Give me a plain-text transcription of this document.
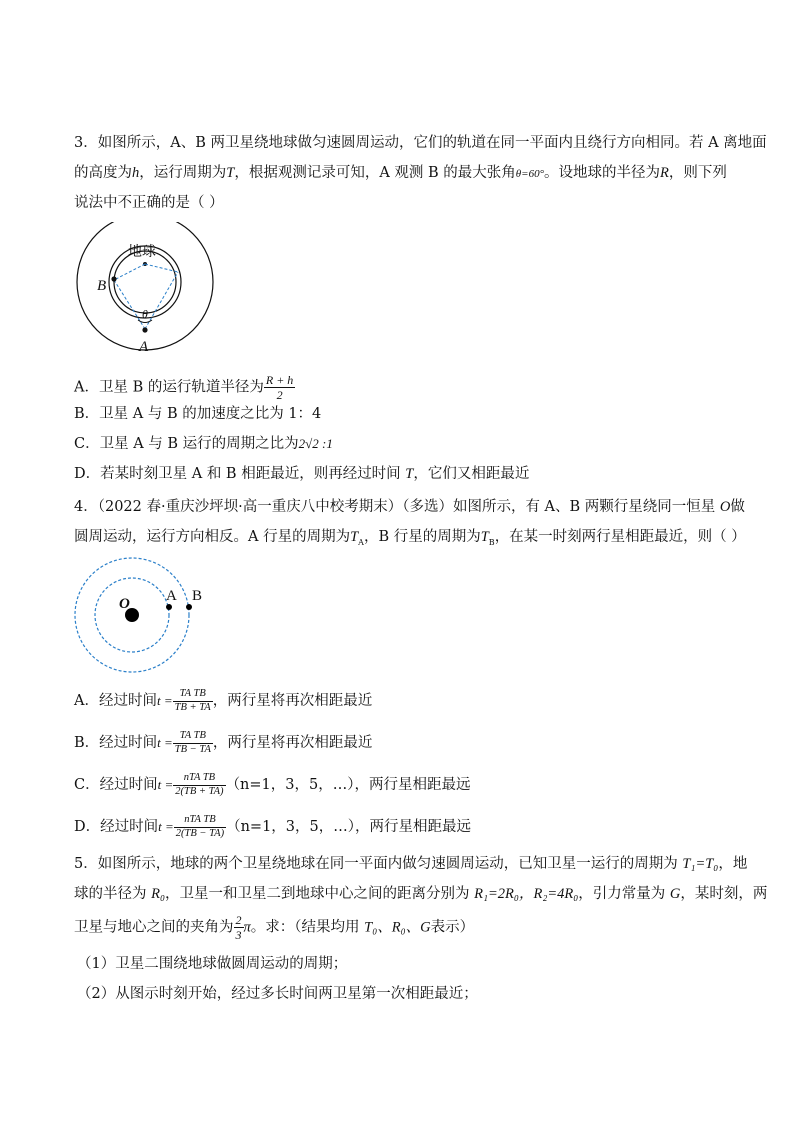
3．如图所示，A、B 两卫星绕地球做匀速圆周运动，它们的轨道在同一平面内且绕行方向相同。若 A 离地面
的高度为h，运行周期为T，根据观测记录可知，A 观测 B 的最大张角θ=60°。设地球的半径为R，则下列
说法中不正确的是（ ）
地球
B
A
θ
A．卫星 B 的运行轨道半径为 $\frac{R + h}{2}$
B．卫星 A 与 B 的加速度之比为 1：4
C．卫星 A 与 B 运行的周期之比为2√2 :1
D．若某时刻卫星 A 和 B 相距最近，则再经过时间 T，它们又相距最近
4．（2022 春·重庆沙坪坝·高一重庆八中校考期末）（多选）如图所示，有 A、B 两颗行星绕同一恒星 O做
圆周运动，运行方向相反。A 行星的周期为$T_A$，B 行星的周期为$T_B$，在某一时刻两行星相距最近，则（ ）
O A B
A．经过时间$t = \frac{\text{TA TB}}{TB + TA}$ ，两行星将再次相距最近
B．经过时间$t = \frac{\text{TA TB}}{TB - TA}$ ，两行星将再次相距最近
C．经过时间$t = \frac{\text{nTA TB}}{2(TB + TA)} (n=1$，3，5，…），两行星相距最远
D．经过时间$t = \frac{\text{nTA TB}}{2(TB - TA)} (n=1$，3，5，…），两行星相距最远
5．如图所示，地球的两个卫星绕地球在同一平面内做匀速圆周运动，已知卫星一运行的周期为 T₁=T₀，地
球的半径为 R₀，卫星一和卫星二到地球中心之间的距离分别为 R₁=2R₀，R₂=4R₀，引力常量为 G，某时刻，两
卫星与地心之间的夹角为 $\frac{2}{3}$ π。求：（结果均用 T₀、R₀、G表示）
（1）卫星二围绕地球做圆周运动的周期；
（2）从图示时刻开始，经过多长时间两卫星第一次相距最近；
